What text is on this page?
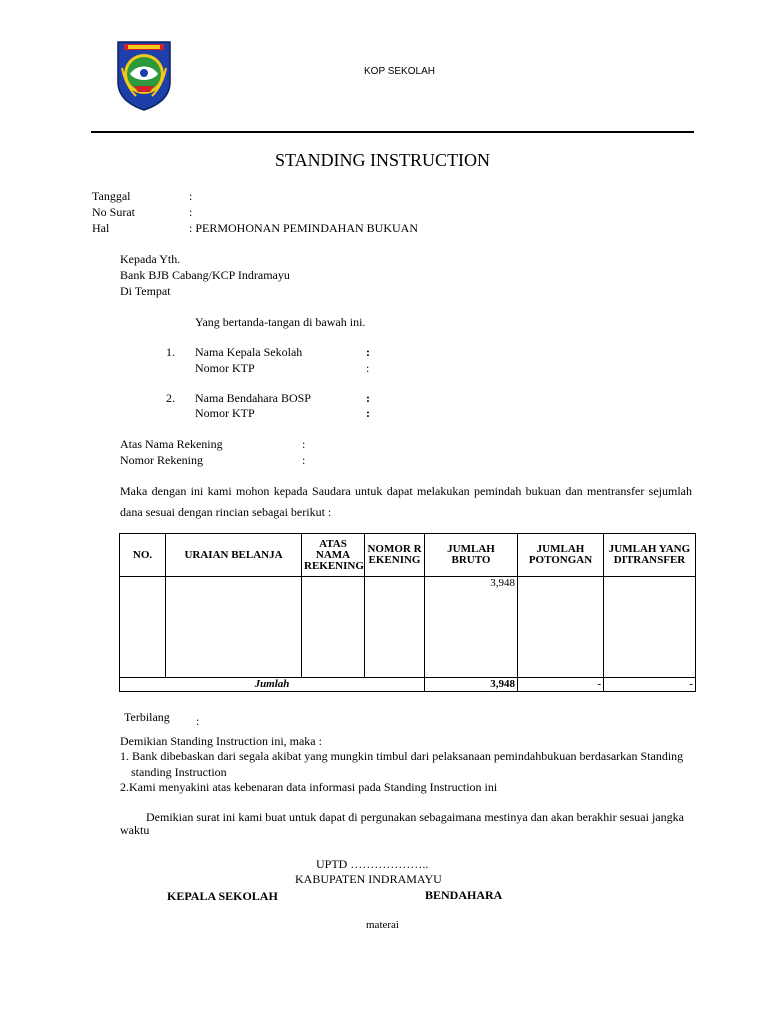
KOP SEKOLAH
STANDING INSTRUCTION
Tanggal	:
No Surat	:
Hal	: PERMOHONAN PEMINDAHAN BUKUAN
Kepada Yth.
Bank BJB Cabang/KCP Indramayu
Di Tempat
Yang bertanda-tangan di bawah ini.
1. Nama Kepala Sekolah	:
Nomor KTP	:
2. Nama Bendahara BOSP	:
Nomor KTP	:
Atas Nama Rekening	:
Nomor Rekening	:
Maka dengan ini kami mohon kepada Saudara untuk dapat melakukan pemindah bukuan dan mentransfer sejumlah
dana sesuai dengan rincian sebagai berikut :
NO.	URAIAN BELANJA	ATAS NAMA REKENING	NOMOR REKENING	JUMLAH BRUTO	JUMLAH POTONGAN	JUMLAH YANG DITRANSFER
				3,948		
Jumlah				3,948	-	-
Terbilang :
Demikian Standing Instruction ini, maka :
1. Bank dibebaskan dari segala akibat yang mungkin timbul dari pelaksanaan pemindahbukuan berdasarkan Standing
standing Instruction
2.Kami menyakini atas kebenaran data informasi pada Standing Instruction ini
Demikian surat ini kami buat untuk dapat di pergunakan sebagaimana mestinya dan akan berakhir sesuai jangka
waktu
UPTD ………………..
KABUPATEN INDRAMAYU
KEPALA SEKOLAH	BENDAHARA
materai
